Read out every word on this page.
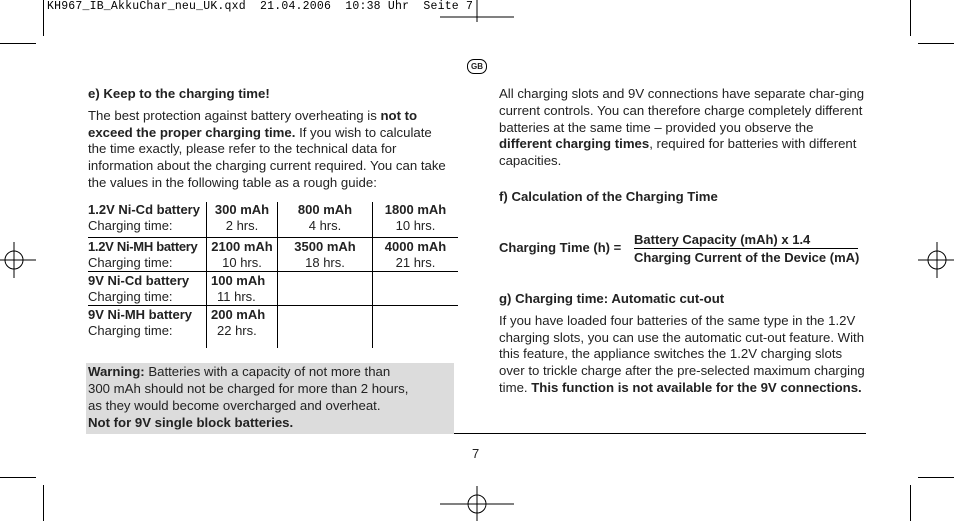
KH967_IB_AkkuChar_neu_UK.qxd 21.04.2006 10:38 Uhr Seite 7
GB

e) Keep to the charging time!

The best protection against battery overheating is not to exceed the proper charging time. If you wish to calculate the time exactly, please refer to the technical data for information about the charging current required. You can take the values in the following table as a rough guide:

1.2V Ni-Cd battery	300 mAh	800 mAh	1800 mAh
Charging time:	2 hrs.	4 hrs.	10 hrs.

1.2V Ni-MH battery	2100 mAh	3500 mAh	4000 mAh
Charging time:	10 hrs.	18 hrs.	21 hrs.
9V Ni-Cd battery	100 mAh		
Charging time:	11 hrs.		
9V Ni-MH battery	200 mAh		
Charging time:	22 hrs.		

Warning: Batteries with a capacity of not more than
300 mAh should not be charged for more than 2 hours,
as they would become overcharged and overheat.
Not for 9V single block batteries.

All charging slots and 9V connections have separate char-ging current controls. You can therefore charge completely different batteries at the same time – provided you observe the different charging times, required for batteries with different capacities.

f) Calculation of the Charging Time
Charging Time (h) =
Battery Capacity (mAh) x 1.4
Charging Current of the Device (mA)

g) Charging time: Automatic cut-out

If you have loaded four batteries of the same type in the 1.2V charging slots, you can use the automatic cut-out feature. With this feature, the appliance switches the 1.2V charging slots over to trickle charge after the pre-selected maximum charging time. This function is not available for the 9V connections.

7
